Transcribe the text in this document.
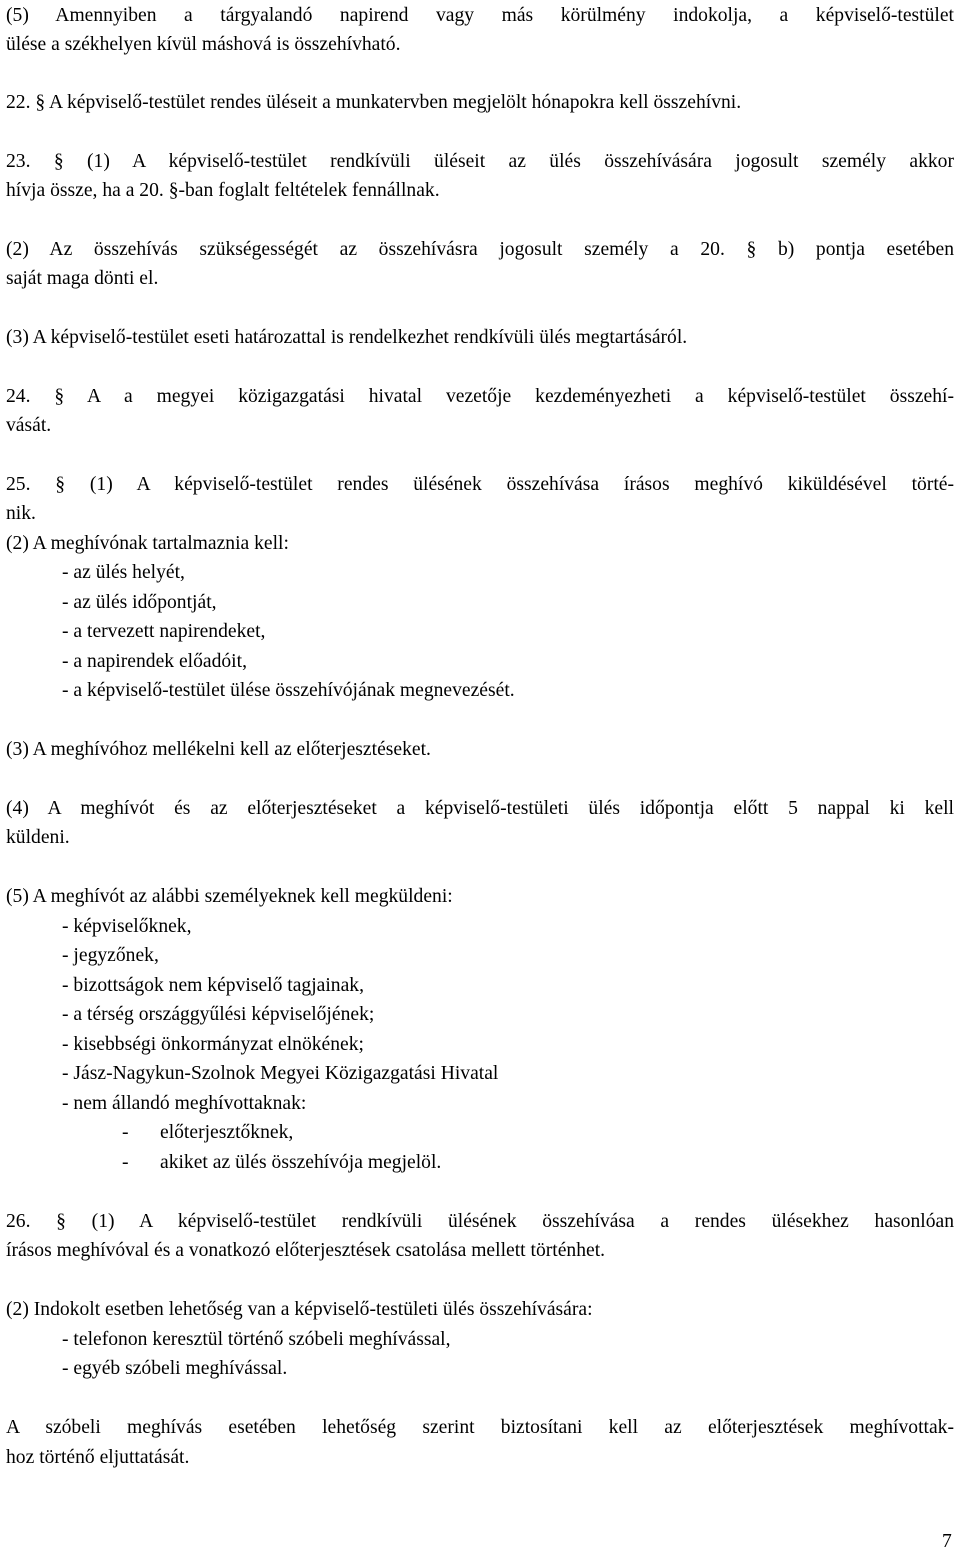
(5) Amennyiben a tárgyalandó napirend vagy más körülmény indokolja, a képviselő-testület
ülése a székhelyen kívül máshová is összehívható.
22. § A képviselő-testület rendes üléseit a munkatervben megjelölt hónapokra kell összehívni.
23. § (1) A képviselő-testület rendkívüli üléseit az ülés összehívására jogosult személy akkor
hívja össze, ha a 20. §-ban foglalt feltételek fennállnak.
(2) Az összehívás szükségességét az összehívásra jogosult személy a 20. § b) pontja esetében
saját maga dönti el.
(3) A képviselő-testület eseti határozattal is rendelkezhet rendkívüli ülés megtartásáról.
24. § A a megyei közigazgatási hivatal vezetője kezdeményezheti a képviselő-testület összehí-
vását.
25. § (1) A képviselő-testület rendes ülésének összehívása írásos meghívó kiküldésével törté-
nik.
(2) A meghívónak tartalmaznia kell:
- az ülés helyét,
- az ülés időpontját,
- a tervezett napirendeket,
- a napirendek előadóit,
- a képviselő-testület ülése összehívójának megnevezését.
(3) A meghívóhoz mellékelni kell az előterjesztéseket.
(4) A meghívót és az előterjesztéseket a képviselő-testületi ülés időpontja előtt 5 nappal ki kell
küldeni.
(5) A meghívót az alábbi személyeknek kell megküldeni:
- képviselőknek,
- jegyzőnek,
- bizottságok nem képviselő tagjainak,
- a térség országgyűlési képviselőjének;
- kisebbségi önkormányzat elnökének;
- Jász-Nagykun-Szolnok Megyei Közigazgatási Hivatal
- nem állandó meghívottaknak:
- előterjesztőknek,
- akiket az ülés összehívója megjelöl.
26. § (1) A képviselő-testület rendkívüli ülésének összehívása a rendes ülésekhez hasonlóan
írásos meghívóval és a vonatkozó előterjesztések csatolása mellett történhet.
(2) Indokolt esetben lehetőség van a képviselő-testületi ülés összehívására:
- telefonon keresztül történő szóbeli meghívással,
- egyéb szóbeli meghívással.
A szóbeli meghívás esetében lehetőség szerint biztosítani kell az előterjesztések meghívottak-
hoz történő eljuttatását.
7
